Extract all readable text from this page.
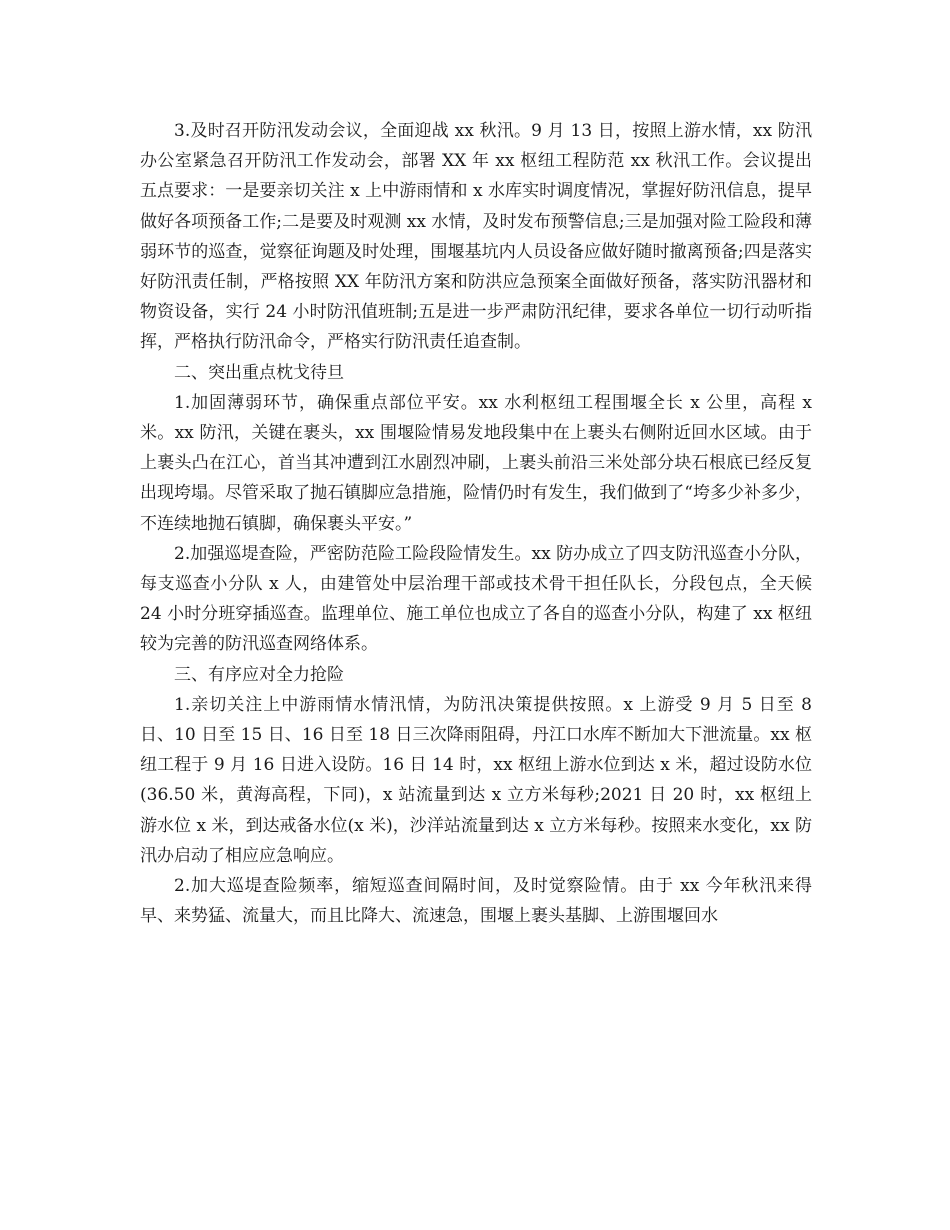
3.及时召开防汛发动会议，全面迎战 xx 秋汛。9 月 13 日，按照上游水情，xx 防汛办公室紧急召开防汛工作发动会，部署 XX 年 xx 枢纽工程防范 xx 秋汛工作。会议提出五点要求：一是要亲切关注 x 上中游雨情和 x 水库实时调度情况，掌握好防汛信息，提早做好各项预备工作;二是要及时观测 xx 水情，及时发布预警信息;三是加强对险工险段和薄弱环节的巡查，觉察征询题及时处理，围堰基坑内人员设备应做好随时撤离预备;四是落实好防汛责任制，严格按照 XX 年防汛方案和防洪应急预案全面做好预备，落实防汛器材和物资设备，实行 24 小时防汛值班制;五是进一步严肃防汛纪律，要求各单位一切行动听指挥，严格执行防汛命令，严格实行防汛责任追查制。

二、突出重点枕戈待旦

1.加固薄弱环节，确保重点部位平安。xx 水利枢纽工程围堰全长 x 公里，高程 x 米。xx 防汛，关键在裹头，xx 围堰险情易发地段集中在上裹头右侧附近回水区域。由于上裹头凸在江心，首当其冲遭到江水剧烈冲刷，上裹头前沿三米处部分块石根底已经反复出现垮塌。尽管采取了抛石镇脚应急措施，险情仍时有发生，我们做到了“垮多少补多少，不连续地抛石镇脚，确保裹头平安。”

2.加强巡堤查险，严密防范险工险段险情发生。xx 防办成立了四支防汛巡查小分队，每支巡查小分队 x 人，由建管处中层治理干部或技术骨干担任队长，分段包点，全天候 24 小时分班穿插巡查。监理单位、施工单位也成立了各自的巡查小分队，构建了 xx 枢纽较为完善的防汛巡查网络体系。

三、有序应对全力抢险

1.亲切关注上中游雨情水情汛情，为防汛决策提供按照。x 上游受 9 月 5 日至 8 日、10 日至 15 日、16 日至 18 日三次降雨阻碍，丹江口水库不断加大下泄流量。xx 枢纽工程于 9 月 16 日进入设防。16 日 14 时，xx 枢纽上游水位到达 x 米，超过设防水位(36.50 米，黄海高程，下同)，x 站流量到达 x 立方米每秒;2021 日 20 时，xx 枢纽上游水位 x 米，到达戒备水位(x 米)，沙洋站流量到达 x 立方米每秒。按照来水变化，xx 防汛办启动了相应应急响应。

2.加大巡堤查险频率，缩短巡查间隔时间，及时觉察险情。由于 xx 今年秋汛来得早、来势猛、流量大，而且比降大、流速急，围堰上裹头基脚、上游围堰回水
